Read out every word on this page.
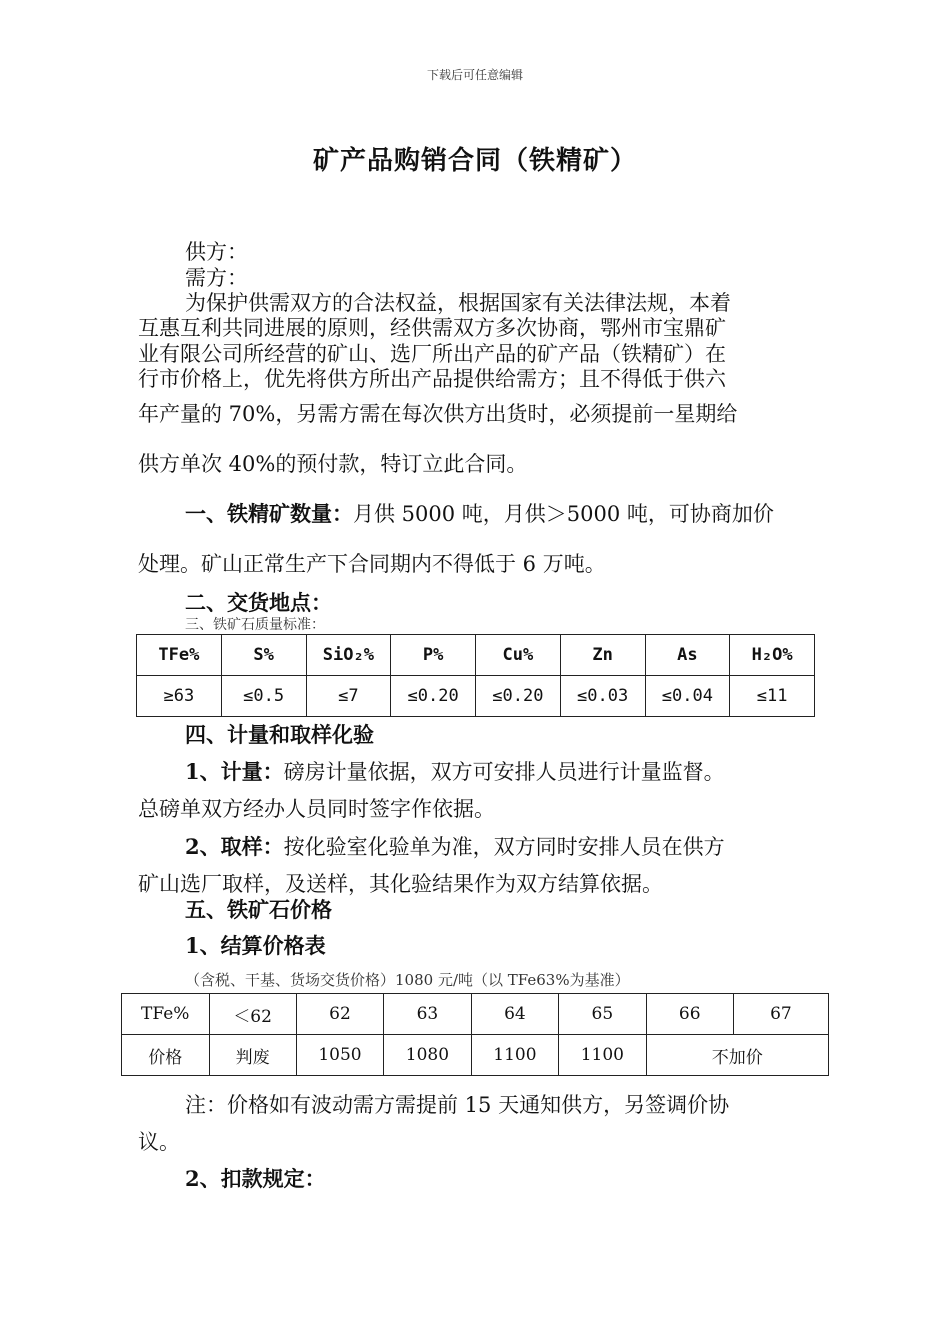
下载后可任意编辑
矿产品购销合同（铁精矿）
供方：
需方：
为保护供需双方的合法权益，根据国家有关法律法规，本着
互惠互利共同进展的原则，经供需双方多次协商，鄂州市宝鼎矿
业有限公司所经营的矿山、选厂所出产品的矿产品（铁精矿）在
行市价格上，优先将供方所出产品提供给需方；且不得低于供六
年产量的 70%，另需方需在每次供方出货时，必须提前一星期给
供方单次 40%的预付款，特订立此合同。
一、铁精矿数量：月供 5000 吨，月供＞5000 吨，可协商加价
处理。矿山正常生产下合同期内不得低于 6 万吨。
二、交货地点：
三、铁矿石质量标准：
TFe%	S%	SiO₂%	P%	Cu%	Zn	As	H₂O%
≥63	≤0.5	≤7	≤0.20	≤0.20	≤0.03	≤0.04	≤11
四、计量和取样化验
1、计量：磅房计量依据，双方可安排人员进行计量监督。
总磅单双方经办人员同时签字作依据。
2、取样：按化验室化验单为准，双方同时安排人员在供方
矿山选厂取样，及送样，其化验结果作为双方结算依据。
五、铁矿石价格
1、结算价格表
（含税、干基、货场交货价格）1080 元/吨（以 TFe63%为基准）
TFe%	＜62	62	63	64	65	66	67
价格	判废	1050	1080	1100	1100	不加价	
注：价格如有波动需方需提前 15 天通知供方，另签调价协
议。
2、扣款规定：
